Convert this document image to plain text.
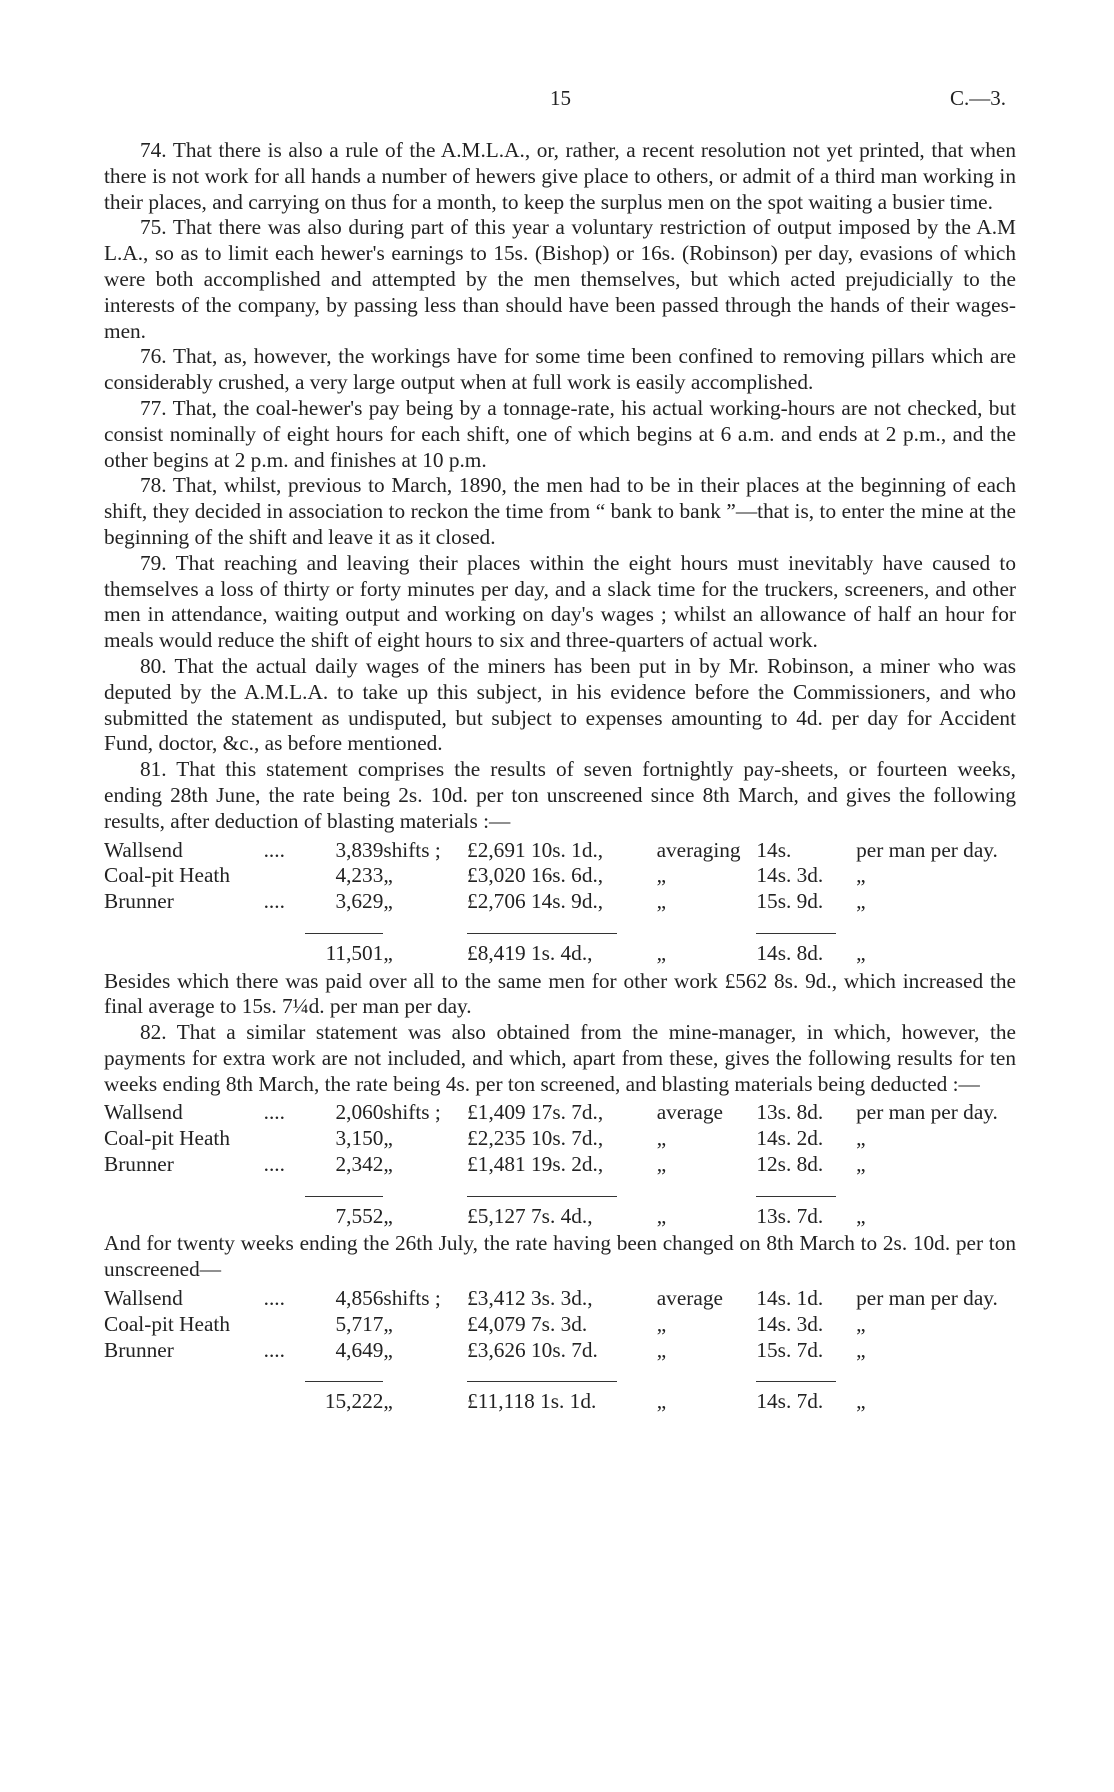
15	C.—3.

74. That there is also a rule of the A.M.L.A., or, rather, a recent resolution not yet printed, that when there is not work for all hands a number of hewers give place to others, or admit of a third man working in their places, and carrying on thus for a month, to keep the surplus men on the spot waiting a busier time.

75. That there was also during part of this year a voluntary restriction of output imposed by the A.M L.A., so as to limit each hewer's earnings to 15s. (Bishop) or 16s. (Robinson) per day, evasions of which were both accomplished and attempted by the men themselves, but which acted prejudicially to the interests of the company, by passing less than should have been passed through the hands of their wages-men.

76. That, as, however, the workings have for some time been confined to removing pillars which are considerably crushed, a very large output when at full work is easily accomplished.

77. That, the coal-hewer's pay being by a tonnage-rate, his actual working-hours are not checked, but consist nominally of eight hours for each shift, one of which begins at 6 a.m. and ends at 2 p.m., and the other begins at 2 p.m. and finishes at 10 p.m.

78. That, whilst, previous to March, 1890, the men had to be in their places at the beginning of each shift, they decided in association to reckon the time from “ bank to bank ”—that is, to enter the mine at the beginning of the shift and leave it as it closed.

79. That reaching and leaving their places within the eight hours must inevitably have caused to themselves a loss of thirty or forty minutes per day, and a slack time for the truckers, screeners, and other men in attendance, waiting output and working on day's wages ; whilst an allowance of half an hour for meals would reduce the shift of eight hours to six and three-quarters of actual work.

80. That the actual daily wages of the miners has been put in by Mr. Robinson, a miner who was deputed by the A.M.L.A. to take up this subject, in his evidence before the Commissioners, and who submitted the statement as undisputed, but subject to expenses amounting to 4d. per day for Accident Fund, doctor, &c., as before mentioned.

81. That this statement comprises the results of seven fortnightly pay-sheets, or fourteen weeks, ending 28th June, the rate being 2s. 10d. per ton unscreened since 8th March, and gives the following results, after deduction of blasting materials :—

Wallsend	....	3,839	shifts ;	£2,691 10s. 1d.,	averaging	14s.	per man per day.
Coal-pit Heath		4,233	„	£3,020 16s. 6d.,	„	14s. 3d.	„
Brunner	....	3,629	„	£2,706 14s. 9d.,	„	15s. 9d.	„

		11,501	„	£8,419 1s. 4d.,	„	14s. 8d.	„

Besides which there was paid over all to the same men for other work £562 8s. 9d., which increased the final average to 15s. 7¼d. per man per day.

82. That a similar statement was also obtained from the mine-manager, in which, however, the payments for extra work are not included, and which, apart from these, gives the following results for ten weeks ending 8th March, the rate being 4s. per ton screened, and blasting materials being deducted :—

Wallsend	....	2,060	shifts ;	£1,409 17s. 7d.,	average	13s. 8d.	per man per day.
Coal-pit Heath		3,150	„	£2,235 10s. 7d.,	„	14s. 2d.	„
Brunner	....	2,342	„	£1,481 19s. 2d.,	„	12s. 8d.	„

		7,552	„	£5,127 7s. 4d.,	„	13s. 7d.	„

And for twenty weeks ending the 26th July, the rate having been changed on 8th March to 2s. 10d. per ton unscreened—

Wallsend	....	4,856	shifts ;	£3,412 3s. 3d.,	average	14s. 1d.	per man per day.
Coal-pit Heath		5,717	„	£4,079 7s. 3d.	„	14s. 3d.	„
Brunner	....	4,649	„	£3,626 10s. 7d.	„	15s. 7d.	„

		15,222	„	£11,118 1s. 1d.	„	14s. 7d.	„
